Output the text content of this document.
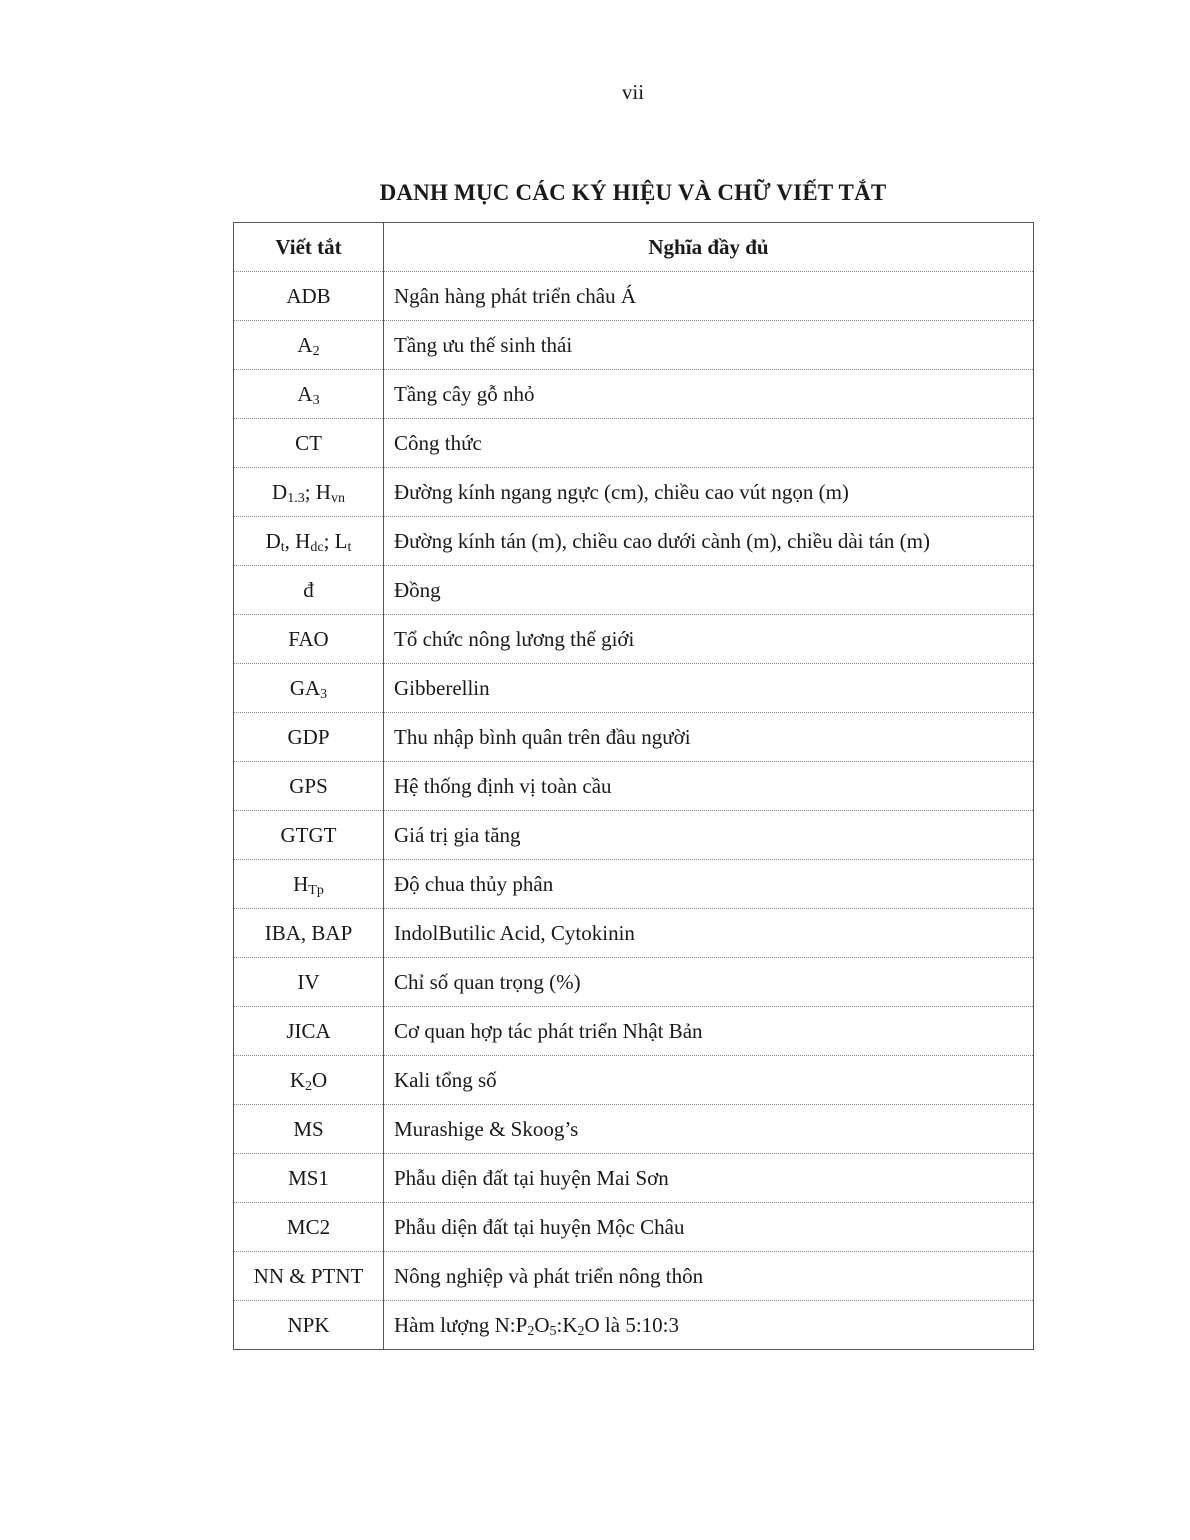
vii
DANH MỤC CÁC KÝ HIỆU VÀ CHỮ VIẾT TẮT
Viết tắt	Nghĩa đầy đủ
ADB	Ngân hàng phát triển châu Á
$A_2$	Tầng ưu thế sinh thái
$A_3$	Tầng cây gỗ nhỏ
CT	Công thức
$D_{1.3}$; $H_{vn}$	Đường kính ngang ngực (cm), chiều cao vút ngọn (m)
$D_t$, $H_{dc}$; $L_t$	Đường kính tán (m), chiều cao dưới cành (m), chiều dài tán (m)
đ	Đồng
FAO	Tổ chức nông lương thế giới
$GA_3$	Gibberellin
GDP	Thu nhập bình quân trên đầu người
GPS	Hệ thống định vị toàn cầu
GTGT	Giá trị gia tăng
$H_{Tp}$	Độ chua thủy phân
IBA, BAP	IndolButilic Acid, Cytokinin
IV	Chỉ số quan trọng (%)
JICA	Cơ quan hợp tác phát triển Nhật Bản
$K_2O$	Kali tổng số
MS	Murashige & Skoog’s
MS1	Phẫu diện đất tại huyện Mai Sơn
MC2	Phẫu diện đất tại huyện Mộc Châu
NN & PTNT	Nông nghiệp và phát triển nông thôn
NPK	Hàm lượng $N:P_2O_5:K_2O$ là 5:10:3
